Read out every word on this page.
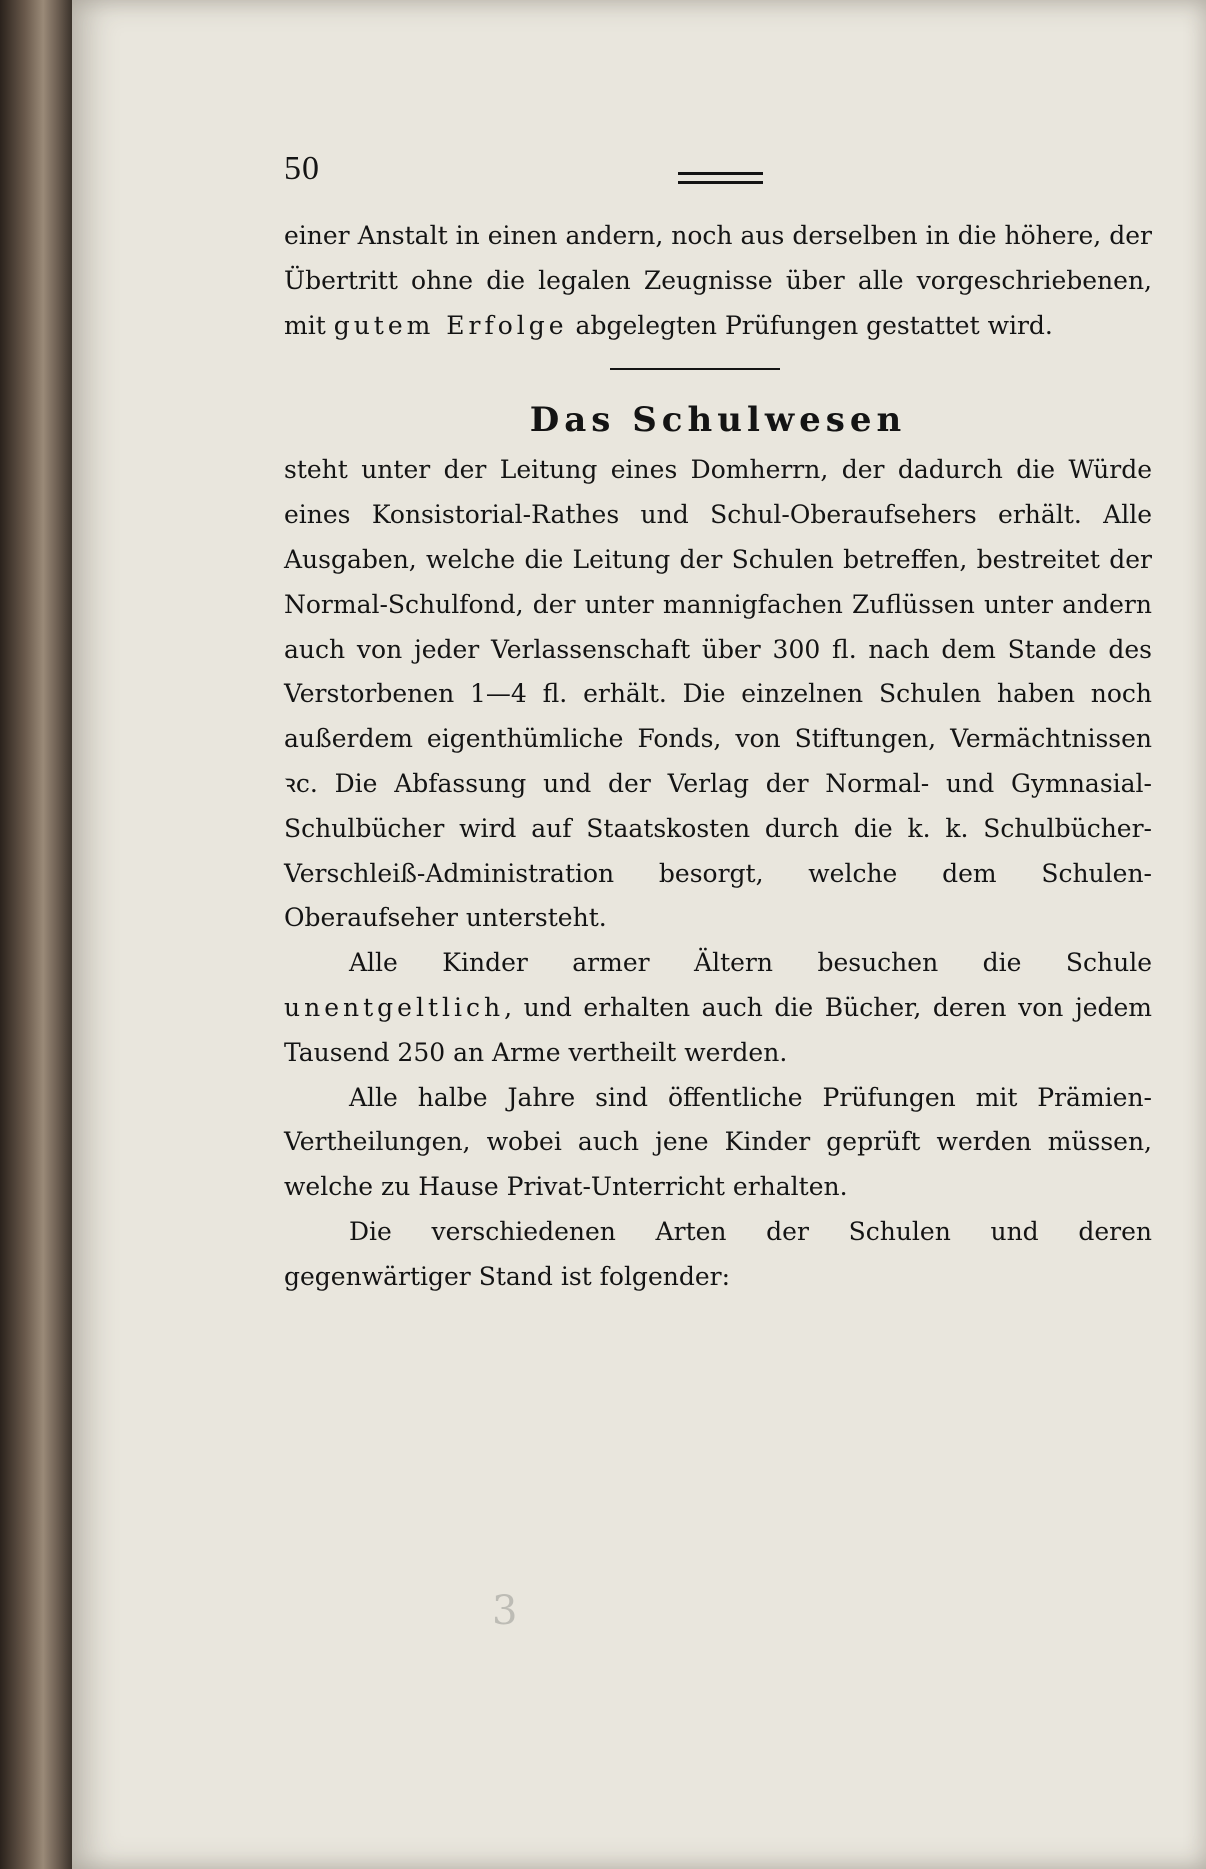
50

einer Anstalt in einen andern, noch aus derselben in die höhere, der Übertritt ohne die legalen Zeugnisse über alle vorgeschriebenen, mit gutem Erfolge abgelegten Prüfungen gestattet wird.

Das Schulwesen

steht unter der Leitung eines Domherrn, der dadurch die Würde eines Konsistorial-Rathes und Schul-Oberaufsehers erhält. Alle Ausgaben, welche die Leitung der Schulen betreffen, bestreitet der Normal-Schulfond, der unter mannigfachen Zuflüssen unter andern auch von jeder Verlassenschaft über 300 fl. nach dem Stande des Verstorbenen 1—4 fl. erhält. Die einzelnen Schulen haben noch außerdem eigenthümliche Fonds, von Stiftungen, Vermächtnissen ꝛc. Die Abfassung und der Verlag der Normal- und Gymnasial-Schulbücher wird auf Staatskosten durch die k. k. Schulbücher-Verschleiß-Administration besorgt, welche dem Schulen-Oberaufseher untersteht.

Alle Kinder armer Ältern besuchen die Schule unentgeltlich, und erhalten auch die Bücher, deren von jedem Tausend 250 an Arme vertheilt werden.

Alle halbe Jahre sind öffentliche Prüfungen mit Prämien-Vertheilungen, wobei auch jene Kinder geprüft werden müssen, welche zu Hause Privat-Unterricht erhalten.

Die verschiedenen Arten der Schulen und deren gegenwärtiger Stand ist folgender:

3
